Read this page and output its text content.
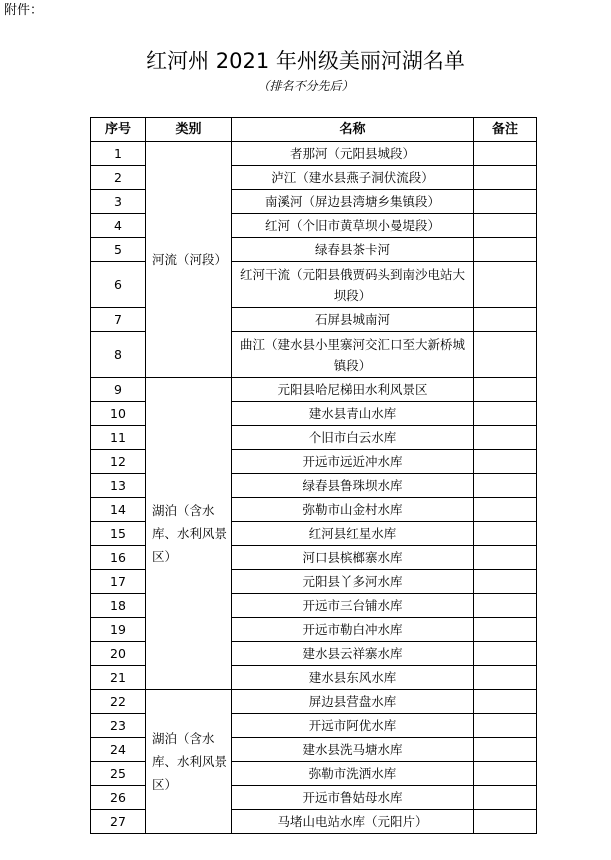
附件：
红河州 2021 年州级美丽河湖名单
（排名不分先后）
序号	类别	名称	备注
1	河流（河段）	者那河（元阳县城段）	
2		泸江（建水县燕子洞伏流段）	
3		南溪河（屏边县湾塘乡集镇段）	
4		红河（个旧市黄草坝小曼堤段）	
5		绿春县茶卡河	
6		红河干流（元阳县俄贾码头到南沙电站大坝段）	
7		石屏县城南河	
8		曲江（建水县小里寨河交汇口至大新桥城镇段）	
9	湖泊（含水库、水利风景区）	元阳县哈尼梯田水利风景区	
10		建水县青山水库	
11		个旧市白云水库	
12		开远市远近冲水库	
13		绿春县鲁珠坝水库	
14		弥勒市山金村水库	
15		红河县红星水库	
16		河口县槟榔寨水库	
17		元阳县丫多河水库	
18		开远市三台铺水库	
19		开远市勒白冲水库	
20		建水县云祥寨水库	
21		建水县东风水库	
22	湖泊（含水库、水利风景区）	屏边县营盘水库	
23		开远市阿优水库	
24		建水县洗马塘水库	
25		弥勒市洗洒水库	
26		开远市鲁姑母水库	
27		马堵山电站水库（元阳片）	
